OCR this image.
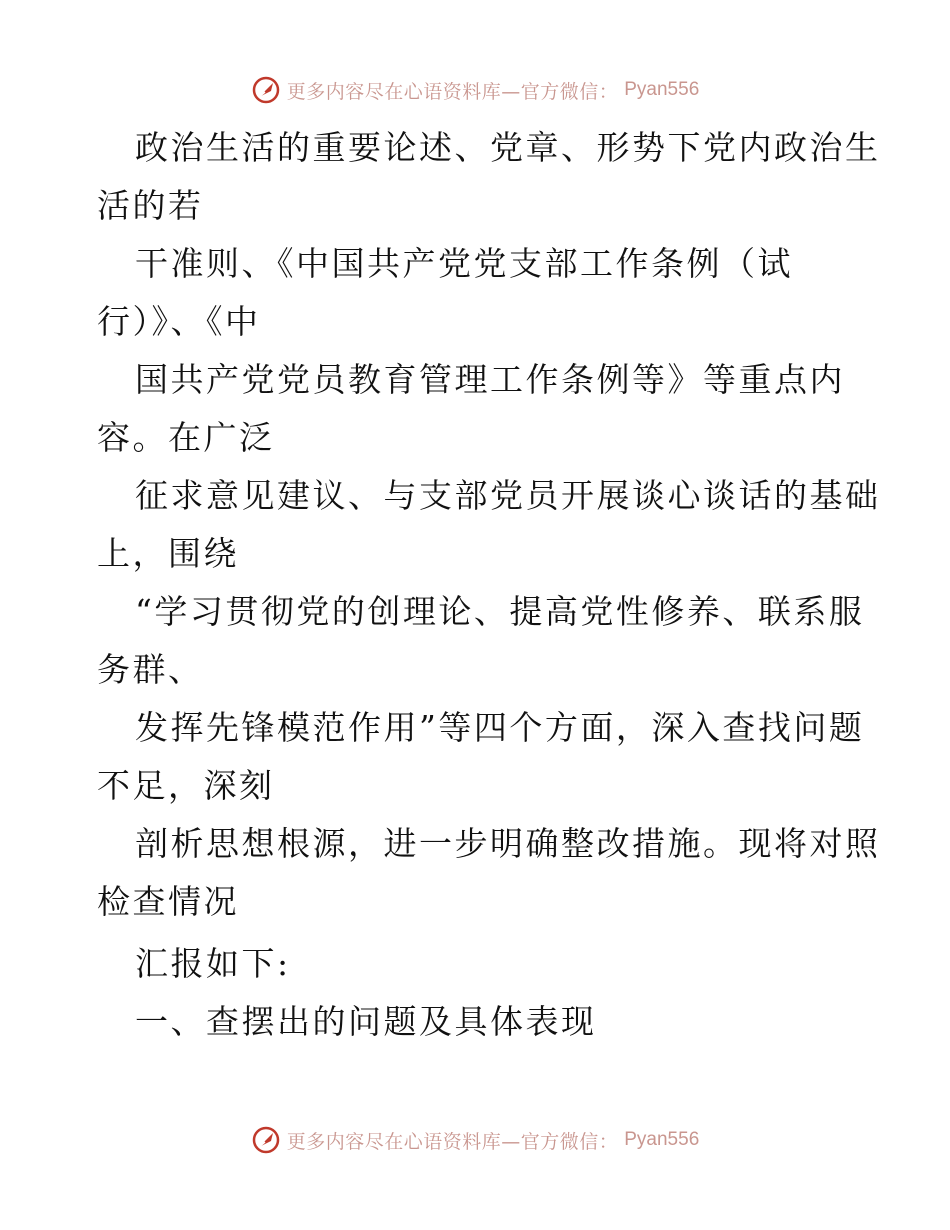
更多内容尽在心语资料库—官方微信： Pyan556
政治生活的重要论述、党章、形势下党内政治生
活的若
干准则、《中国共产党党支部工作条例（试
行）》、《中
国共产党党员教育管理工作条例等》等重点内
容。在广泛
征求意见建议、与支部党员开展谈心谈话的基础
上，围绕
“学习贯彻党的创理论、提高党性修养、联系服
务群、
发挥先锋模范作用”等四个方面，深入查找问题
不足，深刻
剖析思想根源，进一步明确整改措施。现将对照
检查情况
汇报如下:
一、查摆出的问题及具体表现
更多内容尽在心语资料库—官方微信： Pyan556
